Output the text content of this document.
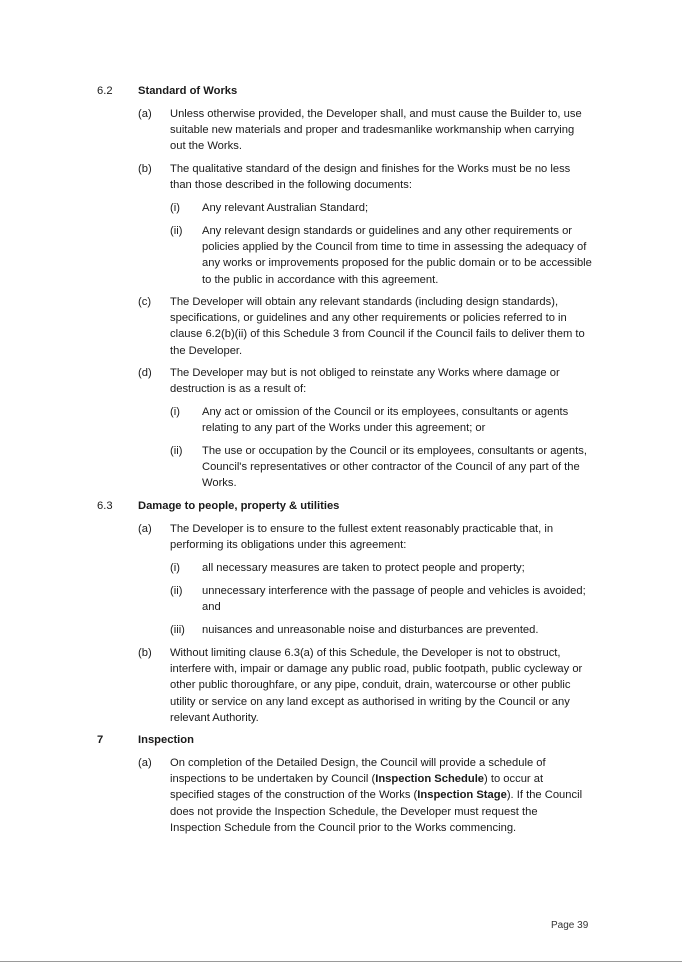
6.2 Standard of Works
(a) Unless otherwise provided, the Developer shall, and must cause the Builder to, use suitable new materials and proper and tradesmanlike workmanship when carrying out the Works.
(b) The qualitative standard of the design and finishes for the Works must be no less than those described in the following documents:
(i) Any relevant Australian Standard;
(ii) Any relevant design standards or guidelines and any other requirements or policies applied by the Council from time to time in assessing the adequacy of any works or improvements proposed for the public domain or to be accessible to the public in accordance with this agreement.
(c) The Developer will obtain any relevant standards (including design standards), specifications, or guidelines and any other requirements or policies referred to in clause 6.2(b)(ii) of this Schedule 3 from Council if the Council fails to deliver them to the Developer.
(d) The Developer may but is not obliged to reinstate any Works where damage or destruction is as a result of:
(i) Any act or omission of the Council or its employees, consultants or agents relating to any part of the Works under this agreement; or
(ii) The use or occupation by the Council or its employees, consultants or agents, Council's representatives or other contractor of the Council of any part of the Works.
6.3 Damage to people, property & utilities
(a) The Developer is to ensure to the fullest extent reasonably practicable that, in performing its obligations under this agreement:
(i) all necessary measures are taken to protect people and property;
(ii) unnecessary interference with the passage of people and vehicles is avoided; and
(iii) nuisances and unreasonable noise and disturbances are prevented.
(b) Without limiting clause 6.3(a) of this Schedule, the Developer is not to obstruct, interfere with, impair or damage any public road, public footpath, public cycleway or other public thoroughfare, or any pipe, conduit, drain, watercourse or other public utility or service on any land except as authorised in writing by the Council or any relevant Authority.
7	Inspection
(a) On completion of the Detailed Design, the Council will provide a schedule of inspections to be undertaken by Council (Inspection Schedule) to occur at specified stages of the construction of the Works (Inspection Stage). If the Council does not provide the Inspection Schedule, the Developer must request the Inspection Schedule from the Council prior to the Works commencing.
Page 39
